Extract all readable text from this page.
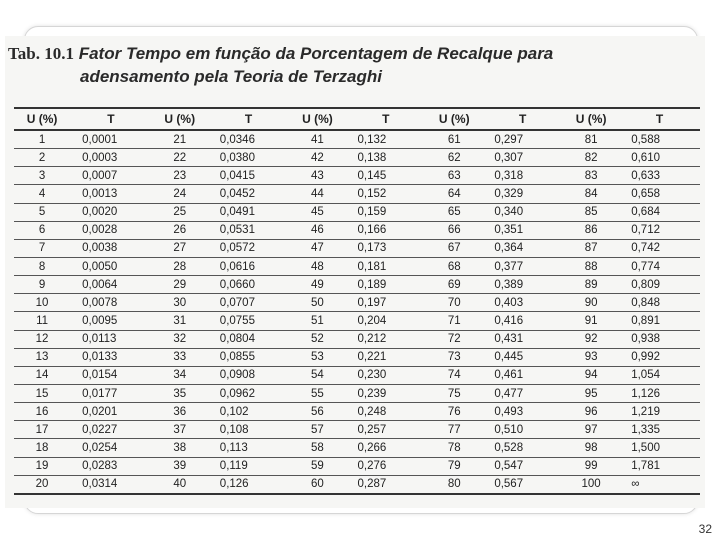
Tab. 10.1 Fator Tempo em função da Porcentagem de Recalque para
adensamento pela Teoria de Terzaghi
U (%)	T	U (%)	T	U (%)	T	U (%)	T	U (%)	T
1	0,0001	21	0,0346	41	0,132	61	0,297	81	0,588
2	0,0003	22	0,0380	42	0,138	62	0,307	82	0,610
3	0,0007	23	0,0415	43	0,145	63	0,318	83	0,633
4	0,0013	24	0,0452	44	0,152	64	0,329	84	0,658
5	0,0020	25	0,0491	45	0,159	65	0,340	85	0,684
6	0,0028	26	0,0531	46	0,166	66	0,351	86	0,712
7	0,0038	27	0,0572	47	0,173	67	0,364	87	0,742
8	0,0050	28	0,0616	48	0,181	68	0,377	88	0,774
9	0,0064	29	0,0660	49	0,189	69	0,389	89	0,809
10	0,0078	30	0,0707	50	0,197	70	0,403	90	0,848
11	0,0095	31	0,0755	51	0,204	71	0,416	91	0,891
12	0,0113	32	0,0804	52	0,212	72	0,431	92	0,938
13	0,0133	33	0,0855	53	0,221	73	0,445	93	0,992
14	0,0154	34	0,0908	54	0,230	74	0,461	94	1,054
15	0,0177	35	0,0962	55	0,239	75	0,477	95	1,126
16	0,0201	36	0,102	56	0,248	76	0,493	96	1,219
17	0,0227	37	0,108	57	0,257	77	0,510	97	1,335
18	0,0254	38	0,113	58	0,266	78	0,528	98	1,500
19	0,0283	39	0,119	59	0,276	79	0,547	99	1,781
20	0,0314	40	0,126	60	0,287	80	0,567	100	∞
32
